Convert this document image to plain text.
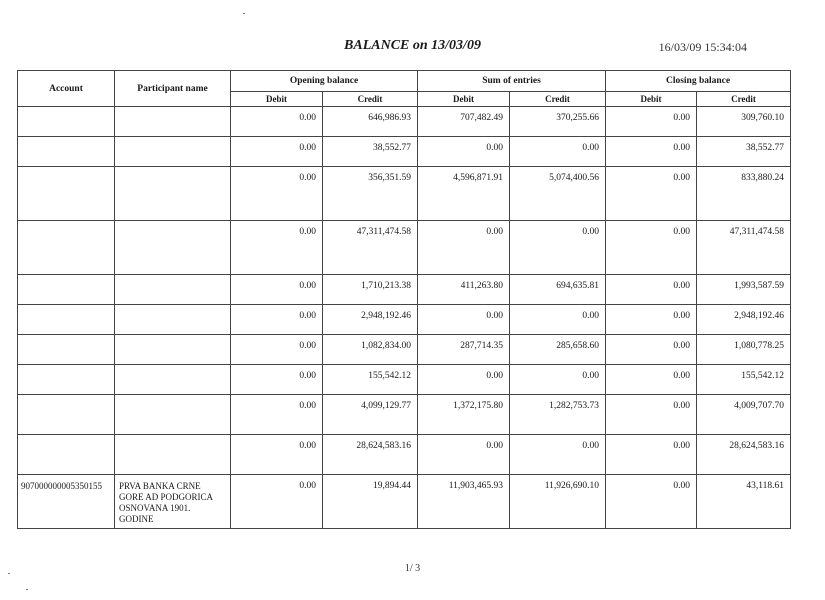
BALANCE on 13/03/09	16/03/09 15:34:04
Account	Participant name	Opening balance		Sum of entries		Closing balance	
		Debit	Credit	Debit	Credit	Debit	Credit
		0.00	646,986.93	707,482.49	370,255.66	0.00	309,760.10
		0.00	38,552.77	0.00	0.00	0.00	38,552.77
		0.00	356,351.59	4,596,871.91	5,074,400.56	0.00	833,880.24
		0.00	47,311,474.58	0.00	0.00	0.00	47,311,474.58
		0.00	1,710,213.38	411,263.80	694,635.81	0.00	1,993,587.59
		0.00	2,948,192.46	0.00	0.00	0.00	2,948,192.46
		0.00	1,082,834.00	287,714.35	285,658.60	0.00	1,080,778.25
		0.00	155,542.12	0.00	0.00	0.00	155,542.12
		0.00	4,099,129.77	1,372,175.80	1,282,753.73	0.00	4,009,707.70
		0.00	28,624,583.16	0.00	0.00	0.00	28,624,583.16
907000000005350155	PRVA BANKA CRNE GORE AD PODGORICA OSNOVANA 1901. GODINE	0.00	19,894.44	11,903,465.93	11,926,690.10	0.00	43,118.61
1/ 3
